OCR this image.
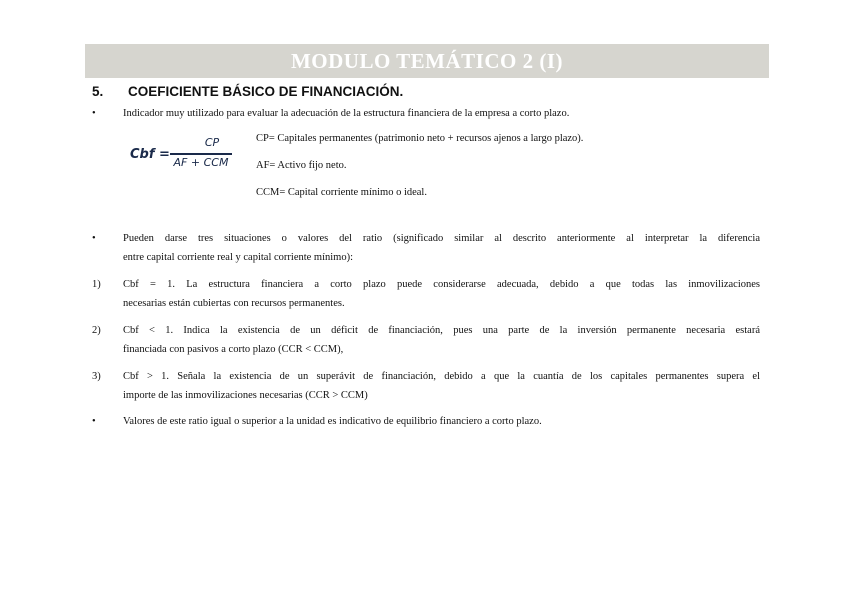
MODULO TEMÁTICO 2 (I)
5. COEFICIENTE BÁSICO DE FINANCIACIÓN.
•	Indicador muy utilizado para evaluar la adecuación de la estructura financiera de la empresa a corto plazo.
Cbf =
CP
AF + CCM
CP= Capitales permanentes (patrimonio neto + recursos ajenos a largo plazo).
AF= Activo fijo neto.
CCM= Capital corriente mínimo o ideal.
•	Pueden darse tres situaciones o valores del ratio (significado similar al descrito anteriormente al interpretar la diferencia
entre capital corriente real y capital corriente mínimo):
1) Cbf = 1. La estructura financiera a corto plazo puede considerarse adecuada, debido a que todas las inmovilizaciones
necesarias están cubiertas con recursos permanentes.
2) Cbf < 1. Indica la existencia de un déficit de financiación, pues una parte de la inversión permanente necesaria estará
financiada con pasivos a corto plazo (CCR < CCM),
3) Cbf > 1. Señala la existencia de un superávit de financiación, debido a que la cuantía de los capitales permanentes supera el
importe de las inmovilizaciones necesarias (CCR > CCM)
•	Valores de este ratio igual o superior a la unidad es indicativo de equilibrio financiero a corto plazo.
